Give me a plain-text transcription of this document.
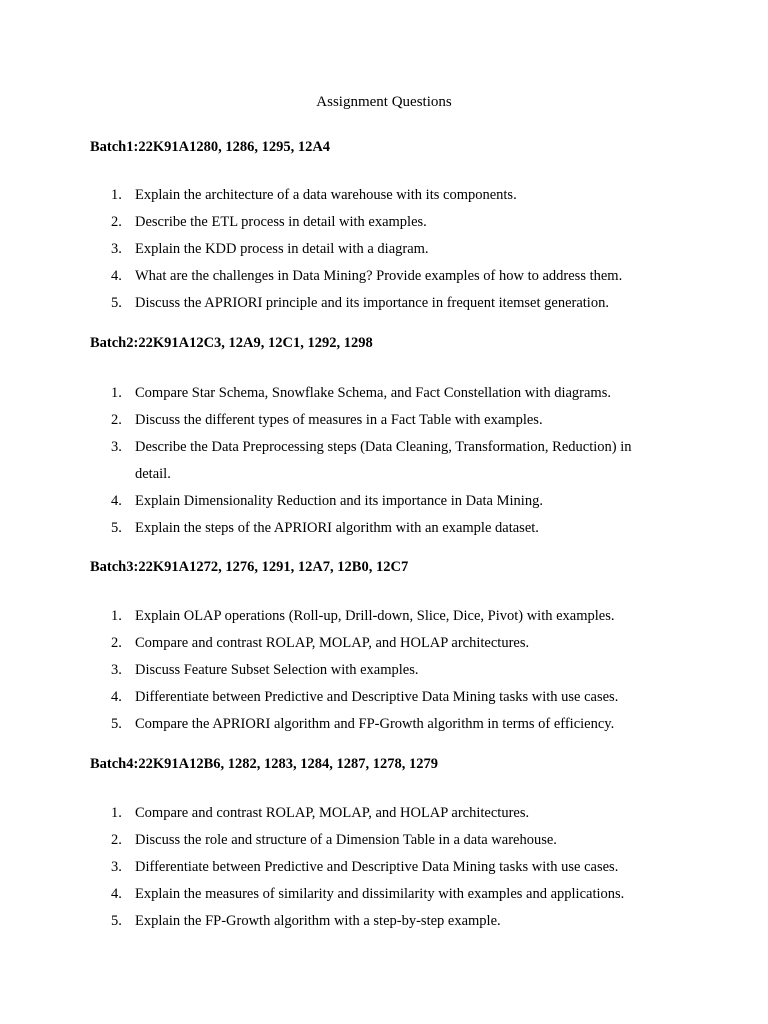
Assignment Questions

Batch1:22K91A1280, 1286, 1295, 12A4

1. Explain the architecture of a data warehouse with its components.
2. Describe the ETL process in detail with examples.
3. Explain the KDD process in detail with a diagram.
4. What are the challenges in Data Mining? Provide examples of how to address them.
5. Discuss the APRIORI principle and its importance in frequent itemset generation.

Batch2:22K91A12C3, 12A9, 12C1, 1292, 1298

1. Compare Star Schema, Snowflake Schema, and Fact Constellation with diagrams.
2. Discuss the different types of measures in a Fact Table with examples.
3. Describe the Data Preprocessing steps (Data Cleaning, Transformation, Reduction) in detail.
4. Explain Dimensionality Reduction and its importance in Data Mining.
5. Explain the steps of the APRIORI algorithm with an example dataset.

Batch3:22K91A1272, 1276, 1291, 12A7, 12B0, 12C7

1. Explain OLAP operations (Roll-up, Drill-down, Slice, Dice, Pivot) with examples.
2. Compare and contrast ROLAP, MOLAP, and HOLAP architectures.
3. Discuss Feature Subset Selection with examples.
4. Differentiate between Predictive and Descriptive Data Mining tasks with use cases.
5. Compare the APRIORI algorithm and FP-Growth algorithm in terms of efficiency.

Batch4:22K91A12B6, 1282, 1283, 1284, 1287, 1278, 1279

1. Compare and contrast ROLAP, MOLAP, and HOLAP architectures.
2. Discuss the role and structure of a Dimension Table in a data warehouse.
3. Differentiate between Predictive and Descriptive Data Mining tasks with use cases.
4. Explain the measures of similarity and dissimilarity with examples and applications.
5. Explain the FP-Growth algorithm with a step-by-step example.
